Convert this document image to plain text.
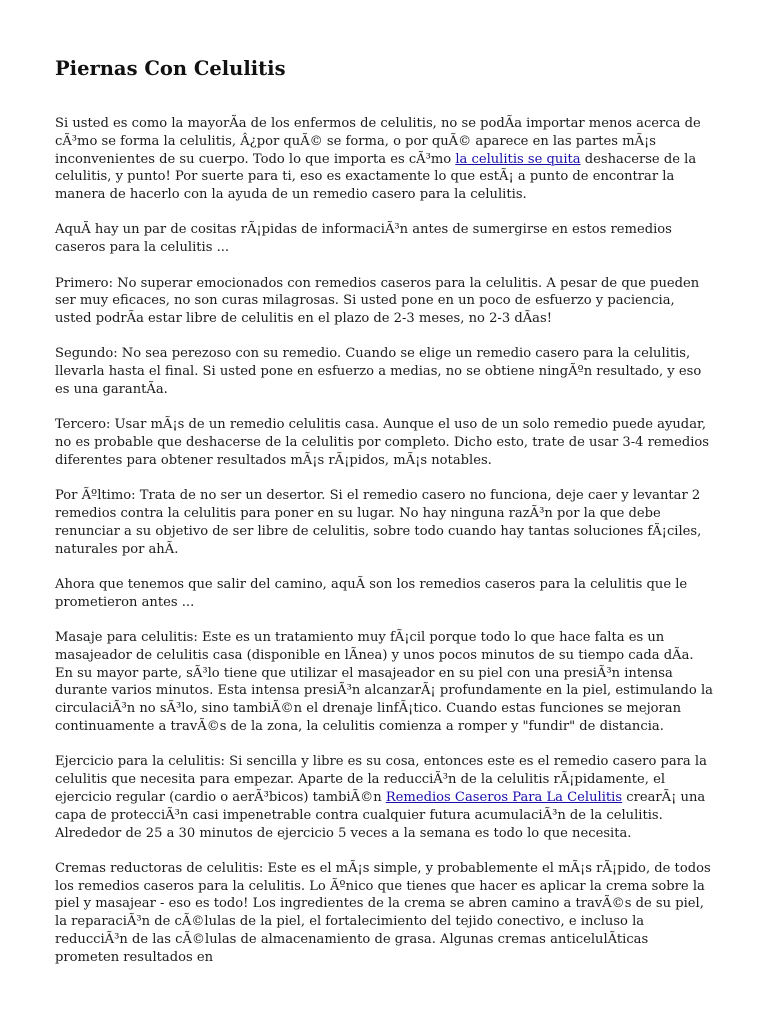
Piernas Con Celulitis

Si usted es como la mayorÃa de los enfermos de celulitis, no se podÃa importar menos acerca de cÃ³mo se forma la celulitis, Â¿por quÃ© se forma, o por quÃ© aparece en las partes mÃ¡s inconvenientes de su cuerpo. Todo lo que importa es cÃ³mo la celulitis se quita deshacerse de la celulitis, y punto! Por suerte para ti, eso es exactamente lo que estÃ¡ a punto de encontrar la manera de hacerlo con la ayuda de un remedio casero para la celulitis.

AquÃ hay un par de cositas rÃ¡pidas de informaciÃ³n antes de sumergirse en estos remedios caseros para la celulitis ...

Primero: No superar emocionados con remedios caseros para la celulitis. A pesar de que pueden ser muy eficaces, no son curas milagrosas. Si usted pone en un poco de esfuerzo y paciencia, usted podrÃa estar libre de celulitis en el plazo de 2-3 meses, no 2-3 dÃas!

Segundo: No sea perezoso con su remedio. Cuando se elige un remedio casero para la celulitis, llevarla hasta el final. Si usted pone en esfuerzo a medias, no se obtiene ningÃºn resultado, y eso es una garantÃa.

Tercero: Usar mÃ¡s de un remedio celulitis casa. Aunque el uso de un solo remedio puede ayudar, no es probable que deshacerse de la celulitis por completo. Dicho esto, trate de usar 3-4 remedios diferentes para obtener resultados mÃ¡s rÃ¡pidos, mÃ¡s notables.

Por Ãºltimo: Trata de no ser un desertor. Si el remedio casero no funciona, deje caer y levantar 2 remedios contra la celulitis para poner en su lugar. No hay ninguna razÃ³n por la que debe renunciar a su objetivo de ser libre de celulitis, sobre todo cuando hay tantas soluciones fÃ¡ciles, naturales por ahÃ.

Ahora que tenemos que salir del camino, aquÃ son los remedios caseros para la celulitis que le prometieron antes ...

Masaje para celulitis: Este es un tratamiento muy fÃ¡cil porque todo lo que hace falta es un masajeador de celulitis casa (disponible en lÃnea) y unos pocos minutos de su tiempo cada dÃa. En su mayor parte, sÃ³lo tiene que utilizar el masajeador en su piel con una presiÃ³n intensa durante varios minutos. Esta intensa presiÃ³n alcanzarÃ¡ profundamente en la piel, estimulando la circulaciÃ³n no sÃ³lo, sino tambiÃ©n el drenaje linfÃ¡tico. Cuando estas funciones se mejoran continuamente a travÃ©s de la zona, la celulitis comienza a romper y "fundir" de distancia.

Ejercicio para la celulitis: Si sencilla y libre es su cosa, entonces este es el remedio casero para la celulitis que necesita para empezar. Aparte de la reducciÃ³n de la celulitis rÃ¡pidamente, el ejercicio regular (cardio o aerÃ³bicos) tambiÃ©n Remedios Caseros Para La Celulitis crearÃ¡ una capa de protecciÃ³n casi impenetrable contra cualquier futura acumulaciÃ³n de la celulitis. Alrededor de 25 a 30 minutos de ejercicio 5 veces a la semana es todo lo que necesita.

Cremas reductoras de celulitis: Este es el mÃ¡s simple, y probablemente el mÃ¡s rÃ¡pido, de todos los remedios caseros para la celulitis. Lo Ãºnico que tienes que hacer es aplicar la crema sobre la piel y masajear - eso es todo! Los ingredientes de la crema se abren camino a travÃ©s de su piel, la reparaciÃ³n de cÃ©lulas de la piel, el fortalecimiento del tejido conectivo, e incluso la reducciÃ³n de las cÃ©lulas de almacenamiento de grasa. Algunas cremas anticelulÃticas prometen resultados en
